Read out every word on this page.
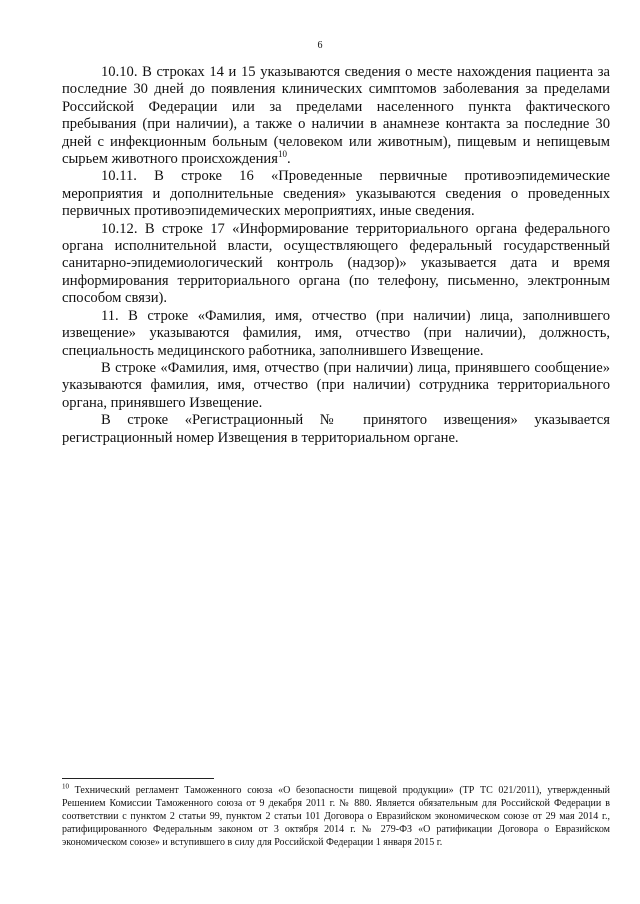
6

10.10. В строках 14 и 15 указываются сведения о месте нахождения пациента за последние 30 дней до появления клинических симптомов заболевания за пределами Российской Федерации или за пределами населенного пункта фактического пребывания (при наличии), а также о наличии в анамнезе контакта за последние 30 дней с инфекционным больным (человеком или животным), пищевым и непищевым сырьем животного происхождения$^{10}$.

10.11. В строке 16 «Проведенные первичные противоэпидемические мероприятия и дополнительные сведения» указываются сведения о проведенных первичных противоэпидемических мероприятиях, иные сведения.

10.12. В строке 17 «Информирование территориального органа федерального органа исполнительной власти, осуществляющего федеральный государственный санитарно-эпидемиологический контроль (надзор)» указывается дата и время информирования территориального органа (по телефону, письменно, электронным способом связи).

11. В строке «Фамилия, имя, отчество (при наличии) лица, заполнившего извещение» указываются фамилия, имя, отчество (при наличии), должность, специальность медицинского работника, заполнившего Извещение.

В строке «Фамилия, имя, отчество (при наличии) лица, принявшего сообщение» указываются фамилия, имя, отчество (при наличии) сотрудника территориального органа, принявшего Извещение.

В строке «Регистрационный № принятого извещения» указывается регистрационный номер Извещения в территориальном органе.

$^{10}$ Технический регламент Таможенного союза «О безопасности пищевой продукции» (ТР ТС 021/2011), утвержденный Решением Комиссии Таможенного союза от 9 декабря 2011 г. № 880. Является обязательным для Российской Федерации в соответствии с пунктом 2 статьи 99, пунктом 2 статьи 101 Договора о Евразийском экономическом союзе от 29 мая 2014 г., ратифицированного Федеральным законом от 3 октября 2014 г. № 279-ФЗ «О ратификации Договора о Евразийском экономическом союзе» и вступившего в силу для Российской Федерации 1 января 2015 г.
